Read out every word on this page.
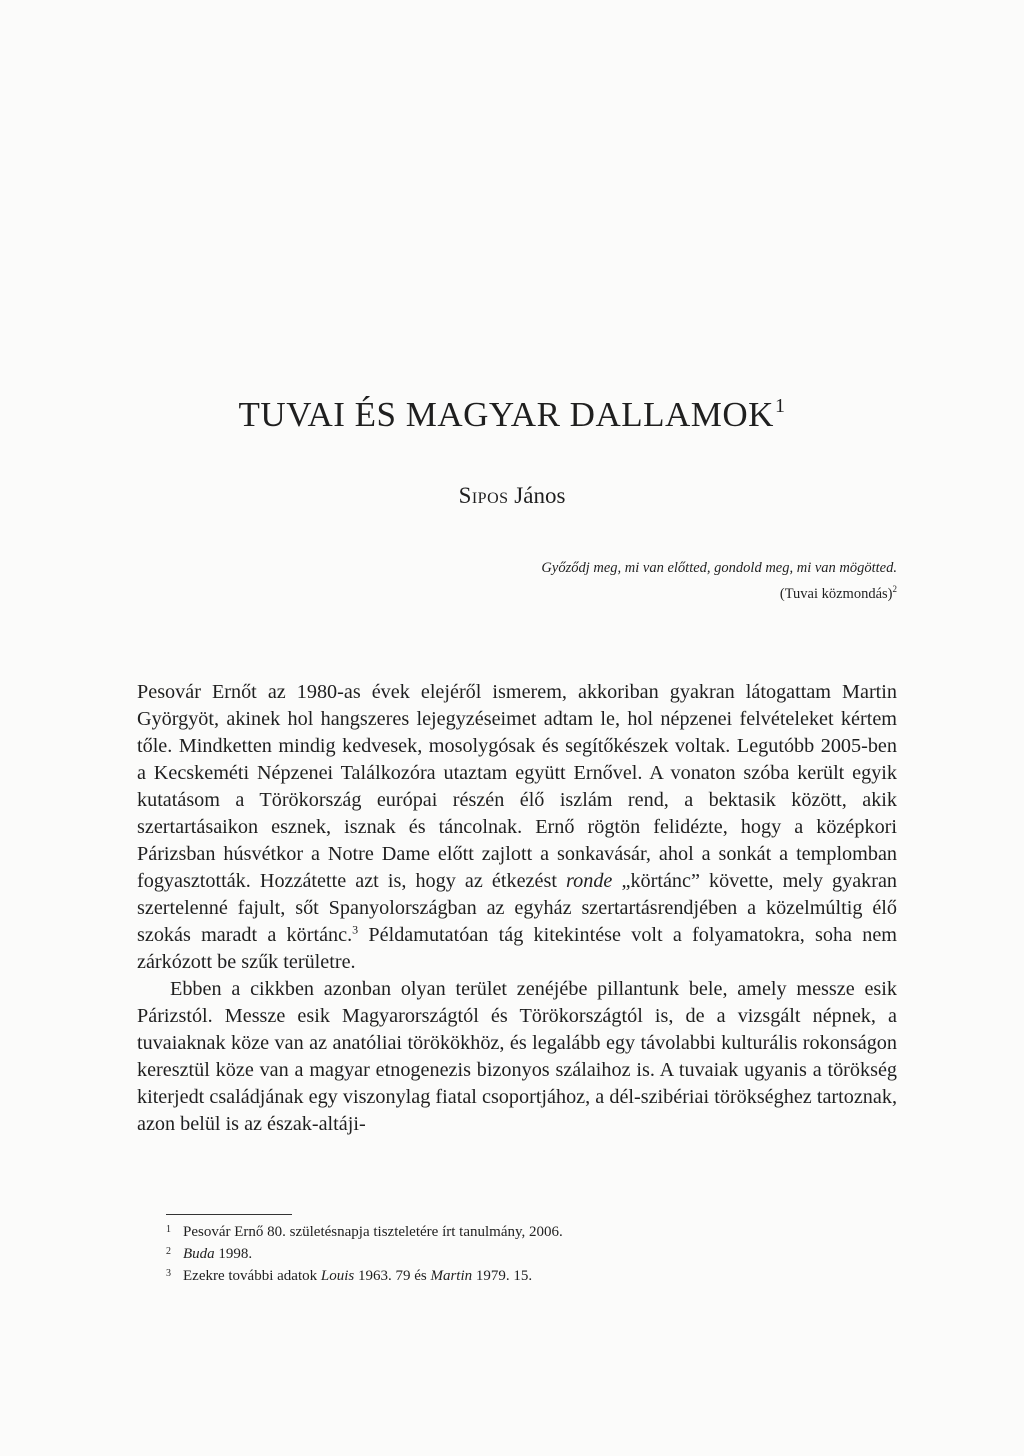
TUVAI ÉS MAGYAR DALLAMOK$^1$
Sipos János
Győződj meg, mi van előtted, gondold meg, mi van mögötted.
(Tuvai közmondás)$^2$

Pesovár Ernőt az 1980-as évek elejéről ismerem, akkoriban gyakran látogattam Martin Györgyöt, akinek hol hangszeres lejegyzéseimet adtam le, hol népzenei felvételeket kértem tőle. Mindketten mindig kedvesek, mosolygósak és segítőkészek voltak. Legutóbb 2005-ben a Kecskeméti Népzenei Találkozóra utaztam együtt Ernővel. A vonaton szóba került egyik kutatásom a Törökország európai részén élő iszlám rend, a bektasik között, akik szertartásaikon esznek, isznak és táncolnak. Ernő rögtön felidézte, hogy a középkori Párizsban húsvétkor a Notre Dame előtt zajlott a sonkavásár, ahol a sonkát a templomban fogyasztották. Hozzátette azt is, hogy az étkezést ronde „körtánc” követte, mely gyakran szertelenné fajult, sőt Spanyolországban az egyház szertartásrendjében a közelmúltig élő szokás maradt a körtánc.$^3$ Példamutatóan tág kitekintése volt a folyamatokra, soha nem zárkózott be szűk területre.

Ebben a cikkben azonban olyan terület zenéjébe pillantunk bele, amely messze esik Párizstól. Messze esik Magyarországtól és Törökországtól is, de a vizsgált népnek, a tuvaiaknak köze van az anatóliai törökökhöz, és legalább egy távolabbi kulturális rokonságon keresztül köze van a magyar etnogenezis bizonyos szálaihoz is. A tuvaiak ugyanis a törökség kiterjedt családjának egy viszonylag fiatal csoportjához, a dél-szibériai törökséghez tartoznak, azon belül is az észak-altáji-

1 Pesovár Ernő 80. születésnapja tiszteletére írt tanulmány, 2006.
2 Buda 1998.
3 Ezekre további adatok Louis 1963. 79 és Martin 1979. 15.
